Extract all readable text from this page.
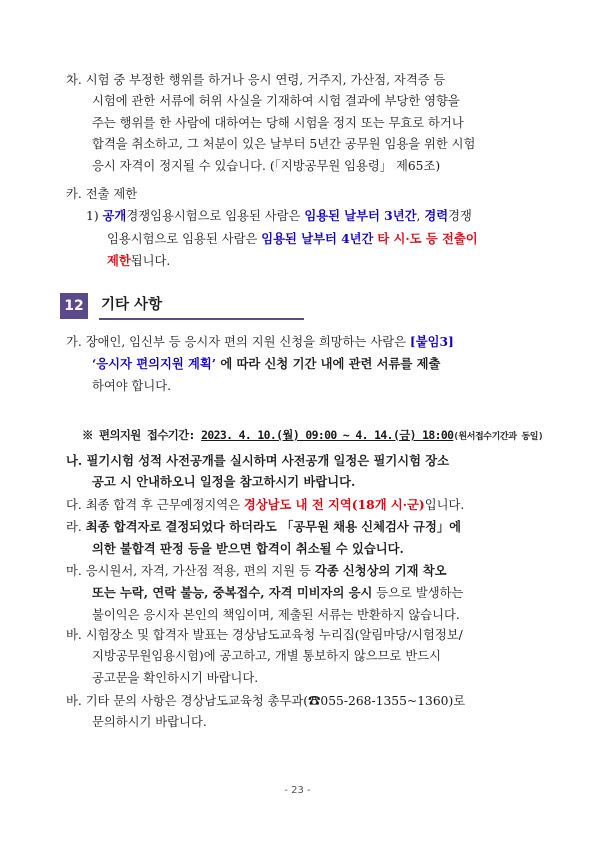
차. 시험 중 부정한 행위를 하거나 응시 연령, 거주지, 가산점, 자격증 등
시험에 관한 서류에 허위 사실을 기재하여 시험 결과에 부당한 영향을
주는 행위를 한 사람에 대하여는 당해 시험을 정지 또는 무효로 하거나
합격을 취소하고, 그 처분이 있은 날부터 5년간 공무원 임용을 위한 시험
응시 자격이 정지될 수 있습니다. (「지방공무원 임용령」 제65조)
카. 전출 제한
1) 공개경쟁임용시험으로 임용된 사람은 임용된 날부터 3년간, 경력경쟁
임용시험으로 임용된 사람은 임용된 날부터 4년간 타 시·도 등 전출이
제한됩니다.
12 기타 사항
가. 장애인, 임신부 등 응시자 편의 지원 신청을 희망하는 사람은 [붙임3]
‘응시자 편의지원 계획’ 에 따라 신청 기간 내에 관련 서류를 제출
하여야 합니다.
※ 편의지원 접수기간: 2023. 4. 10.(월) 09:00 ~ 4. 14.(금) 18:00(원서접수기간과 동일)
나. 필기시험 성적 사전공개를 실시하며 사전공개 일정은 필기시험 장소
공고 시 안내하오니 일정을 참고하시기 바랍니다.
다. 최종 합격 후 근무예정지역은 경상남도 내 전 지역(18개 시·군)입니다.
라. 최종 합격자로 결정되었다 하더라도 「공무원 채용 신체검사 규정」에
의한 불합격 판정 등을 받으면 합격이 취소될 수 있습니다.
마. 응시원서, 자격, 가산점 적용, 편의 지원 등 각종 신청상의 기재 착오
또는 누락, 연락 불능, 중복접수, 자격 미비자의 응시 등으로 발생하는
불이익은 응시자 본인의 책임이며, 제출된 서류는 반환하지 않습니다.
바. 시험장소 및 합격자 발표는 경상남도교육청 누리집(알림마당/시험정보/
지방공무원임용시험)에 공고하고, 개별 통보하지 않으므로 반드시
공고문을 확인하시기 바랍니다.
바. 기타 문의 사항은 경상남도교육청 총무과(☎055-268-1355~1360)로
문의하시기 바랍니다.
- 23 -
